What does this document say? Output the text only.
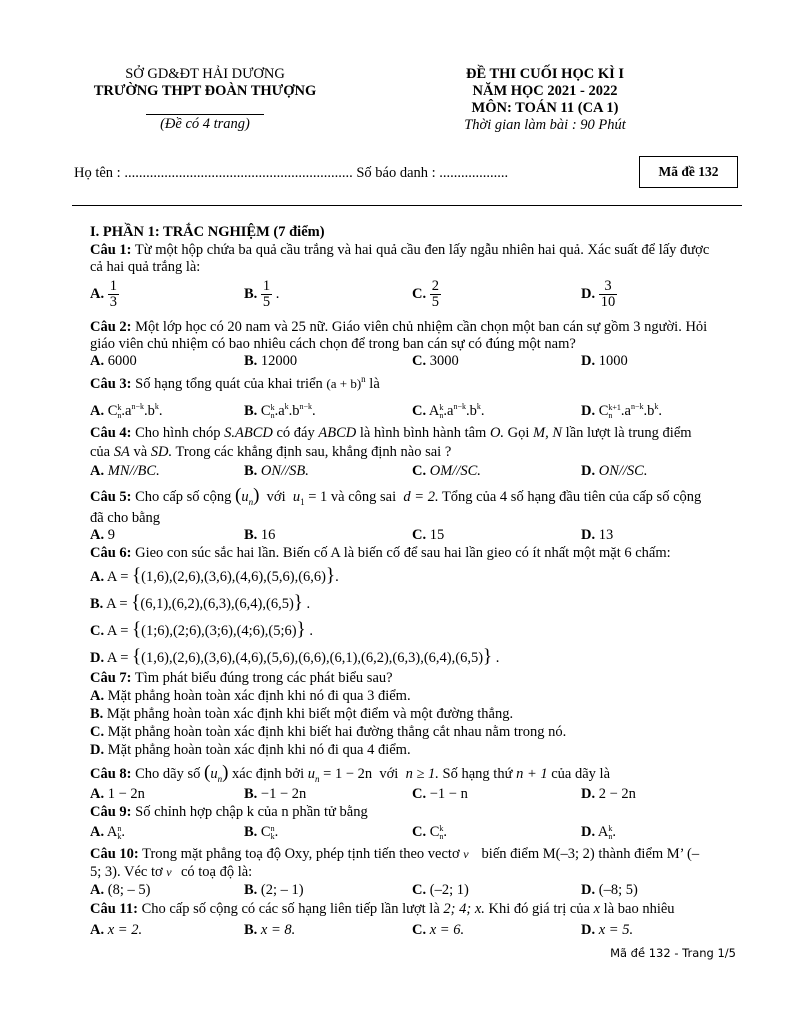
SỞ GD&ĐT HẢI DƯƠNG
TRƯỜNG THPT ĐOÀN THƯỢNG
(Đề có 4 trang)
ĐỀ THI CUỐI HỌC KÌ I
NĂM HỌC 2021 - 2022
MÔN: TOÁN 11 (CA 1)
Thời gian làm bài : 90 Phút
Họ tên : ............................................................... Số báo danh : ...................	Mã đề 132
I. PHẦN 1: TRẮC NGHIỆM (7 điểm)
Câu 1: Từ một hộp chứa ba quả cầu trắng và hai quả cầu đen lấy ngẫu nhiên hai quả. Xác suất để lấy được
cả hai quả trắng là:
A. $\frac{1}{3}$	B. $\frac{1}{5}$ .	C. $\frac{2}{5}$	D. $\frac{3}{10}$
Câu 2: Một lớp học có 20 nam và 25 nữ. Giáo viên chủ nhiệm cần chọn một ban cán sự gồm 3 người. Hỏi
giáo viên chủ nhiệm có bao nhiêu cách chọn để trong ban cán sự có đúng một nam?
A. 6000	B. 12000	C. 3000	D. 1000
Câu 3: Số hạng tổng quát của khai triển $(a + b)^n$ là
A. C k
n $.a^{n-k}.b^k$.	B. C k
n $.a^k.b^{n-k}$.	C. A k
n $.a^{n-k}.b^k$.	D. C k+1
n $.a^{n-k}.b^k$.
Câu 4: Cho hình chóp S.ABCD có đáy ABCD là hình bình hành tâm O. Gọi M, N lần lượt là trung điểm
của SA và SD. Trong các khẳng định sau, khẳng định nào sai ?
A. MN//BC.	B. ON//SB.	C. OM//SC.	D. ON//SC.
Câu 5: Cho cấp số cộng $(u_n)$ với $u_1 = 1$ và công sai d = 2. Tổng của 4 số hạng đầu tiên của cấp số cộng
đã cho bằng
A. 9	B. 16	C. 15	D. 13
Câu 6: Gieo con súc sắc hai lần. Biến cố A là biến cố để sau hai lần gieo có ít nhất một mặt 6 chấm:
A. A = {(1,6),(2,6),(3,6),(4,6),(5,6),(6,6)}.
B. A = {(6,1),(6,2),(6,3),(6,4),(6,5)} .
C. A = {(1;6),(2;6),(3;6),(4;6),(5;6)} .
D. A = {(1,6),(2,6),(3,6),(4,6),(5,6),(6,6),(6,1),(6,2),(6,3),(6,4),(6,5)} .
Câu 7: Tìm phát biểu đúng trong các phát biểu sau?
A. Mặt phẳng hoàn toàn xác định khi nó đi qua 3 điểm.
B. Mặt phẳng hoàn toàn xác định khi biết một điểm và một đường thẳng.
C. Mặt phẳng hoàn toàn xác định khi biết hai đường thẳng cắt nhau nằm trong nó.
D. Mặt phẳng hoàn toàn xác định khi nó đi qua 4 điểm.
Câu 8: Cho dãy số $(u_n)$ xác định bởi $u_n = 1 - 2n$ với n ≥ 1. Số hạng thứ n + 1 của dãy là
A. 1 − 2n	B. −1 − 2n	C. −1 − n	D. 2 − 2n
Câu 9: Số chỉnh hợp chập k của n phần tử bằng
A. A n
k .	B. C n
k .	C. C k
n .	D. A k
n .
Câu 10: Trong mặt phẳng toạ độ Oxy, phép tịnh tiến theo vectơ v⃗ biến điểm M(–3; 2) thành điểm M’ (–
5; 3). Véc tơ v⃗có toạ độ là:
A. (8; – 5)	B. (2; – 1)	C. (–2; 1)	D. (–8; 5)
Câu 11: Cho cấp số cộng có các số hạng liên tiếp lần lượt là 2; 4; x. Khi đó giá trị của x là bao nhiêu
A. x = 2.	B. x = 8.	C. x = 6.	D. x = 5.
Mã đề 132 - Trang 1/5
